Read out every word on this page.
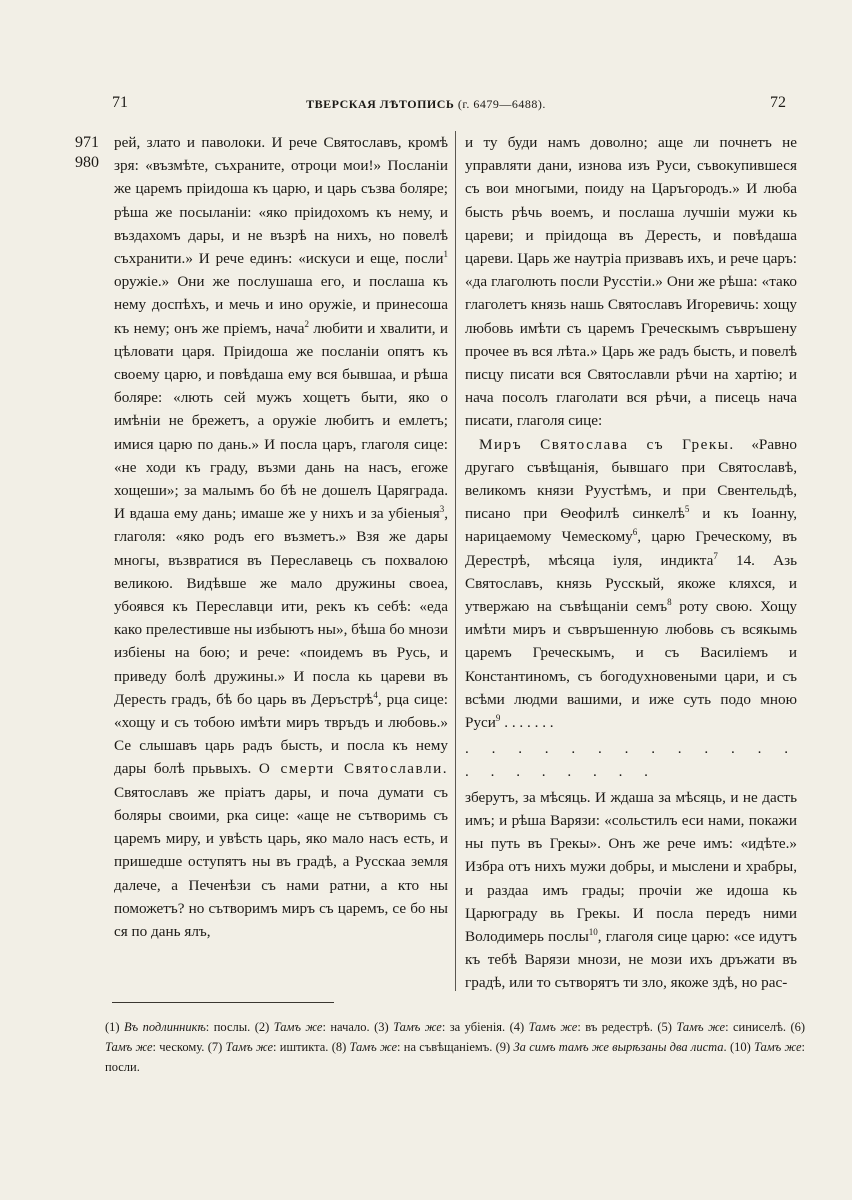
71	ТВЕРСКАЯ ЛѢТОПИСЬ (г. 6479—6488).	72
971
980

рей, злато и паволоки. И рече Святославъ, кромѣ зря: «възмѣте, съхраните, отроци мои!» Посланіи же царемъ пріидоша къ царю, и царь съзва боляре; рѣша же посыланіи: «яко пріидохомъ къ нему, и въздахомъ дары, и не възрѣ на нихъ, но повелѣ съхранити.» И рече единъ: «искуси и еще, посли$^1$ оружіе.» Они же послушаша его, и послаша къ нему доспѣхъ, и мечь и ино оружіе, и принесоша къ нему; онъ же пріемъ, нача$^2$ любити и хвалити, и цѣловати царя. Пріидоша же посланіи опятъ къ своему царю, и повѣдаша ему вся бывшаа, и рѣша боляре: «лють сей мужъ хощетъ быти, яко о имѣніи не брежетъ, а оружіе любитъ и емлетъ; имися царю по дань.» И посла царъ, глаголя сице: «не ходи къ граду, възми дань на насъ, егоже хощеши»; за малымъ бо бѣ не дошелъ Царяграда. И вдаша ему дань; имаше же у нихъ и за убіеныя$^3$, глаголя: «яко родъ его възметъ.» Взя же дары многы, възвратися въ Переславець съ похвалою великою. Видѣвше же мало дружины своеа, убоявся къ Переславци ити, рекъ къ себѣ: «еда како прелестивше ны избыютъ ны», бѣша бо мнози избіены на бою; и рече: «поидемъ въ Русь, и приведу болѣ дружины.» И посла кь цареви въ Дересть градъ, бѣ бо царь въ Деръстрѣ$^4$, рца сице: «хощу и съ тобою имѣти миръ твръдъ и любовь.» Се слышавъ царь радъ бысть, и посла къ нему дары болѣ прьвыхъ. О смерти Святославли. Святославъ же пріатъ дары, и поча думати съ боляры своими, рка сице: «аще не сътворимь съ царемъ миру, и увѣсть царь, яко мало насъ есть, и пришедше оступятъ ны въ градѣ, а Русскаа земля далече, а Печенѣзи съ нами ратни, а кто ны поможетъ? но сътворимъ миръ съ царемъ, се бо ны ся по дань ялъ,

и ту буди намъ доволно; аще ли почнетъ не управляти дани, изнова изъ Руси, съвокупившеся съ вои многыми, поиду на Царъгородъ.» И люба бысть рѣчь воемъ, и послаша лучшіи мужи кь цареви; и пріидоща въ Дересть, и повѣдаша цареви. Царь же наутріа призвавъ ихъ, и рече царъ: «да глаголють посли Русстіи.» Они же рѣша: «тако глаголетъ князь нашь Святославъ Игоревичь: хощу любовь имѣти съ царемъ Греческымъ съвръшену прочее въ вся лѣта.» Царь же радъ бысть, и повелѣ писцу писати вся Святославли рѣчи на хартію; и нача посолъ глаголати вся рѣчи, а писець нача писати, глаголя сице:

Миръ Святослава съ Грекы. «Равно другаго съвѣщанія, бывшаго при Святославѣ, великомъ князи Руустѣмъ, и при Свентельдѣ, писано при Ѳеофилѣ синкелѣ$^5$ и къ Іоанну, нарицаемому Чемескому$^6$, царю Греческому, въ Дерестрѣ, мѣсяца іуля, индикта$^7$ 14. Азь Святославъ, князь Русскый, якоже кляхся, и утвержаю на съвѣщаніи семъ$^8$ роту свою. Хощу имѣти миръ и съвръшенную любовь съ всякымь царемъ Греческымъ, и съ Василіемъ и Константиномъ, съ богодухновеными цари, и съ всѣми людми вашими, и иже суть подо мною Руси$^9$ . . . . . . .

. . . . . . . . . . . . . . . . . . . . .

зберутъ, за мѣсяць. И ждаша за мѣсяць, и не дасть имъ; и рѣша Варязи: «сольстилъ еси нами, покажи ны путь въ Грекы». Онъ же рече имъ: «идѣте.» Избра отъ нихъ мужи добры, и мыслени и храбры, и раздаа имъ грады; прочіи же идоша кь Царюграду вь Грекы. И посла передъ ними Володимерь послы$^{10}$, глаголя сице царю: «се идутъ къ тебѣ Варязи мнози, не мози ихъ дръжати въ градѣ, или то сътворятъ ти зло, якоже здѣ, но рас-

(1) Въ подлинникѣ: послы. (2) Тамъ же: начало. (3) Тамъ же: за убіенія. (4) Тамъ же: въ редестрѣ. (5) Тамъ же: синиселѣ. (6) Тамъ же: ческому. (7) Тамъ же: иштикта. (8) Тамъ же: на съвѣщаніемъ. (9) За симъ тамъ же вырѣзаны два листа. (10) Тамъ же: посли.
